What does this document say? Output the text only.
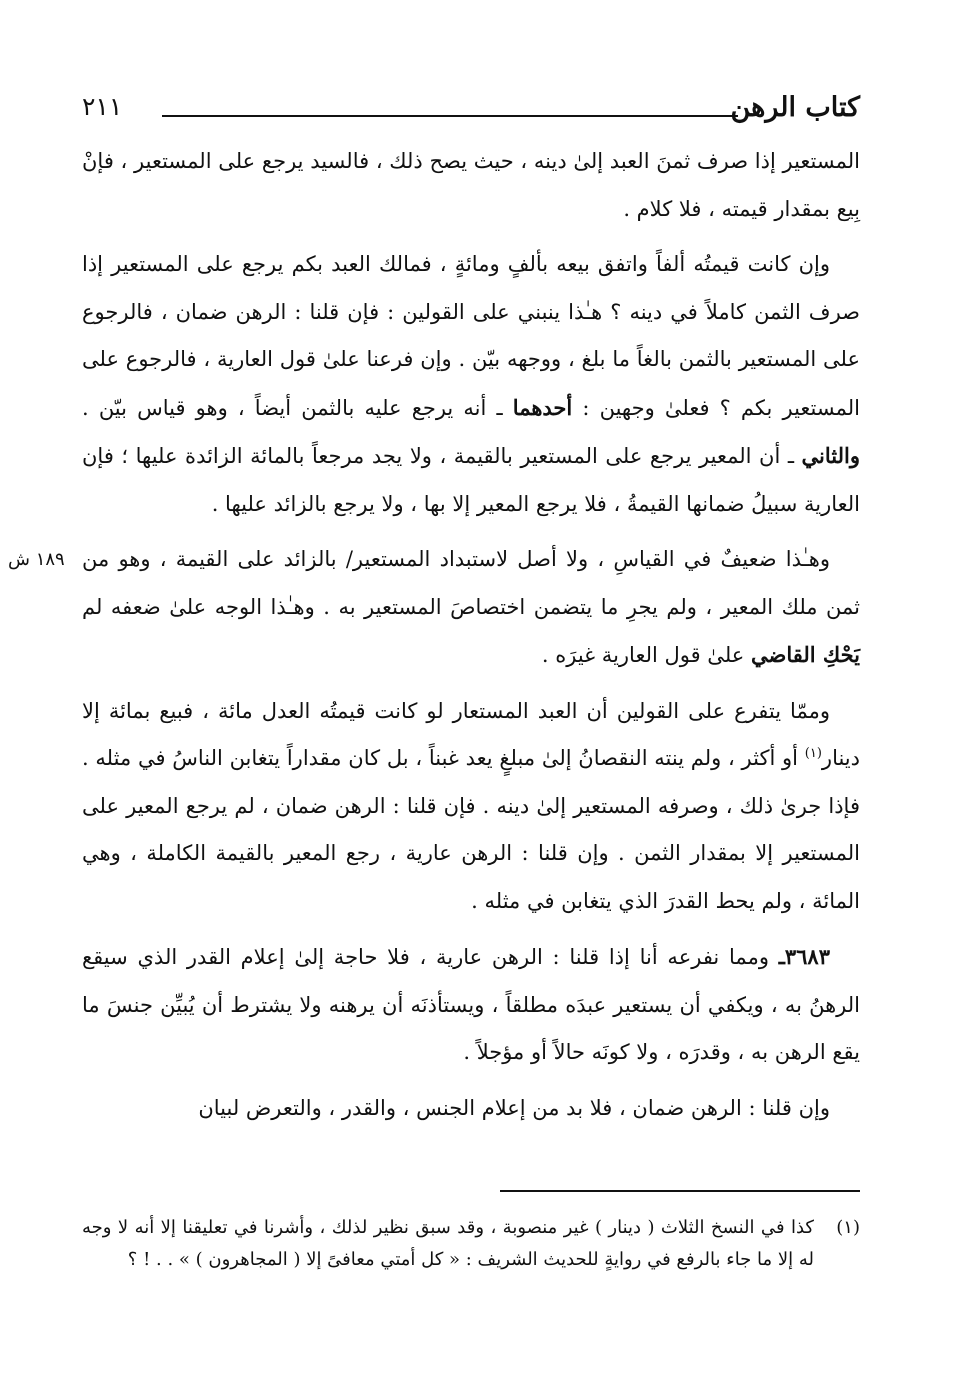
كتاب الرهن
٢١١

المستعير إذا صرف ثمنَ العبد إلىٰ دينه ، حيث يصح ذلك ، فالسيد يرجع على المستعير ، فإنْ بِيع بمقدار قيمته ، فلا كلام .

وإن كانت قيمتُه ألفاً واتفق بيعه بألفٍ ومائةٍ ، فمالك العبد بكم يرجع على المستعير إذا صرف الثمن كاملاً في دينه ؟ هـٰذا ينبني على القولين : فإن قلنا : الرهن ضمان ، فالرجوع على المستعير بالثمن بالغاً ما بلغ ، ووجهه بيّن . وإن فرعنا علىٰ قول العارية ، فالرجوع على المستعير بكم ؟ فعلىٰ وجهين : أحدهما ـ أنه يرجع عليه بالثمن أيضاً ، وهو قياس بيّن . والثاني ـ أن المعير يرجع على المستعير بالقيمة ، ولا يجد مرجعاً بالمائة الزائدة عليها ؛ فإن العارية سبيلُ ضمانها القيمةُ ، فلا يرجع المعير إلا بها ، ولا يرجع بالزائد عليها .

١٨٩ ش وهـٰذا ضعيفٌ في القياسِ ، ولا أصل لاستبداد المستعير/ بالزائد على القيمة ، وهو من ثمن ملك المعير ، ولم يجرِ ما يتضمن اختصاصَ المستعير به . وهـٰذا الوجه علىٰ ضعفه لم يَحْكِ القاضي علىٰ قول العارية غيرَه .

وممّا يتفرع على القولين أن العبد المستعار لو كانت قيمتُه العدل مائة ، فبيع بمائة إلا دينار$^{(١)}$ أو أكثر ، ولم ينته النقصانُ إلىٰ مبلغٍ يعد غبناً ، بل كان مقداراً يتغابن الناسُ في مثله . فإذا جرىٰ ذلك ، وصرفه المستعير إلىٰ دينه . فإن قلنا : الرهن ضمان ، لم يرجع المعير على المستعير إلا بمقدار الثمن . وإن قلنا : الرهن عارية ، رجع المعير بالقيمة الكاملة ، وهي المائة ، ولم يحط القدرَ الذي يتغابن في مثله .

٣٦٨٣ـ ومما نفرعه أنا إذا قلنا : الرهن عارية ، فلا حاجة إلىٰ إعلام القدر الذي سيقع الرهنُ به ، ويكفي أن يستعير عبدَه مطلقاً ، ويستأذنَه أن يرهنه ولا يشترط أن يُبيِّن جنسَ ما يقع الرهن به ، وقدرَه ، ولا كونَه حالاً أو مؤجلاً .

وإن قلنا : الرهن ضمان ، فلا بد من إعلام الجنس ، والقدر ، والتعرض لبيان

(١)
كذا في النسخ الثلاث ( دينار ) غير منصوبة ، وقد سبق نظير لذلك ، وأشرنا في تعليقنا إلا أنه لا وجه له إلا ما جاء بالرفع في روايةٍ للحديث الشريف : « كل أمتي معافىً إلا ( المجاهرون ) » . . ! ؟
